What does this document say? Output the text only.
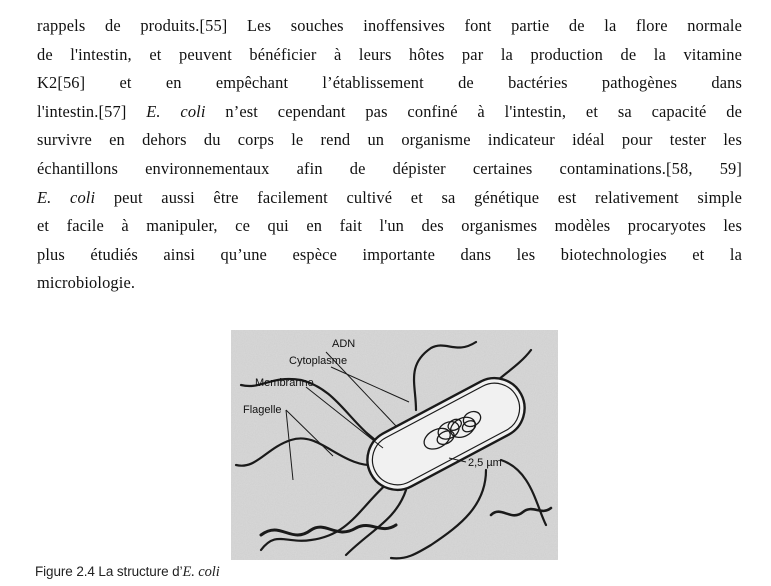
rappels de produits.[55] Les souches inoffensives font partie de la flore normale
de l'intestin, et peuvent bénéficier à leurs hôtes par la production de la vitamine
K2[56] et en empêchant l’établissement de bactéries pathogènes dans
l'intestin.[57] E. coli n’est cependant pas confiné à l'intestin, et sa capacité de
survivre en dehors du corps le rend un organisme indicateur idéal pour tester les
échantillons environnementaux afin de dépister certaines contaminations.[58, 59]
E. coli peut aussi être facilement cultivé et sa génétique est relativement simple
et facile à manipuler, ce qui en fait l'un des organismes modèles procaryotes les
plus étudiés ainsi qu’une espèce importante dans les biotechnologies et la
microbiologie.
ADN
Cytoplasme
Membranne
Flagelle
2,5 µm
Figure 2.4 La structure d’E. coli
